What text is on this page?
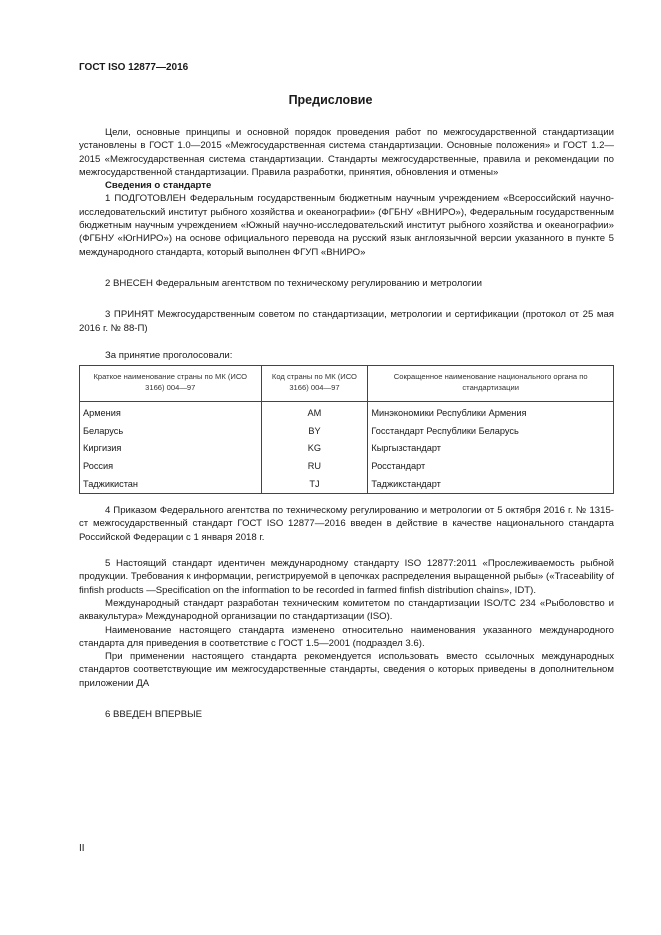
ГОСТ ISO 12877—2016
Предисловие

Цели, основные принципы и основной порядок проведения работ по межгосударственной стандартизации установлены в ГОСТ 1.0—2015 «Межгосударственная система стандартизации. Основные положения» и ГОСТ 1.2—2015 «Межгосударственная система стандартизации. Стандарты межгосударственные, правила и рекомендации по межгосударственной стандартизации. Правила разработки, принятия, обновления и отмены»

Сведения о стандарте

1 ПОДГОТОВЛЕН Федеральным государственным бюджетным научным учреждением «Всероссийский научно-исследовательский институт рыбного хозяйства и океанографии» (ФГБНУ «ВНИРО»), Федеральным государственным бюджетным научным учреждением «Южный научно-исследовательский институт рыбного хозяйства и океанографии» (ФГБНУ «ЮгНИРО») на основе официального перевода на русский язык англоязычной версии указанного в пункте 5 международного стандарта, который выполнен ФГУП «ВНИРО»

2 ВНЕСЕН Федеральным агентством по техническому регулированию и метрологии

3 ПРИНЯТ Межгосударственным советом по стандартизации, метрологии и сертификации (протокол от 25 мая 2016 г. № 88-П)

За принятие проголосовали:

Краткое наименование страны по МК (ИСО 3166) 004—97	Код страны по МК (ИСО 3166) 004—97	Сокращенное наименование национального органа по стандартизации
Армения	AM	Минэкономики Республики Армения
Беларусь	BY	Госстандарт Республики Беларусь
Киргизия	KG	Кыргызстандарт
Россия	RU	Росстандарт
Таджикистан	TJ	Таджикстандарт

4 Приказом Федерального агентства по техническому регулированию и метрологии от 5 октября 2016 г. № 1315-ст межгосударственный стандарт ГОСТ ISO 12877—2016 введен в действие в качестве национального стандарта Российской Федерации с 1 января 2018 г.

5 Настоящий стандарт идентичен международному стандарту ISO 12877:2011 «Прослеживаемость рыбной продукции. Требования к информации, регистрируемой в цепочках распределения выращенной рыбы» («Traceability of finfish products —Specification on the information to be recorded in farmed finfish distribution chains», IDT).

Международный стандарт разработан техническим комитетом по стандартизации ISO/TC 234 «Рыболовство и аквакультура» Международной организации по стандартизации (ISO).

Наименование настоящего стандарта изменено относительно наименования указанного международного стандарта для приведения в соответствие с ГОСТ 1.5—2001 (подраздел 3.6).

При применении настоящего стандарта рекомендуется использовать вместо ссылочных международных стандартов соответствующие им межгосударственные стандарты, сведения о которых приведены в дополнительном приложении ДА

6 ВВЕДЕН ВПЕРВЫЕ

II
